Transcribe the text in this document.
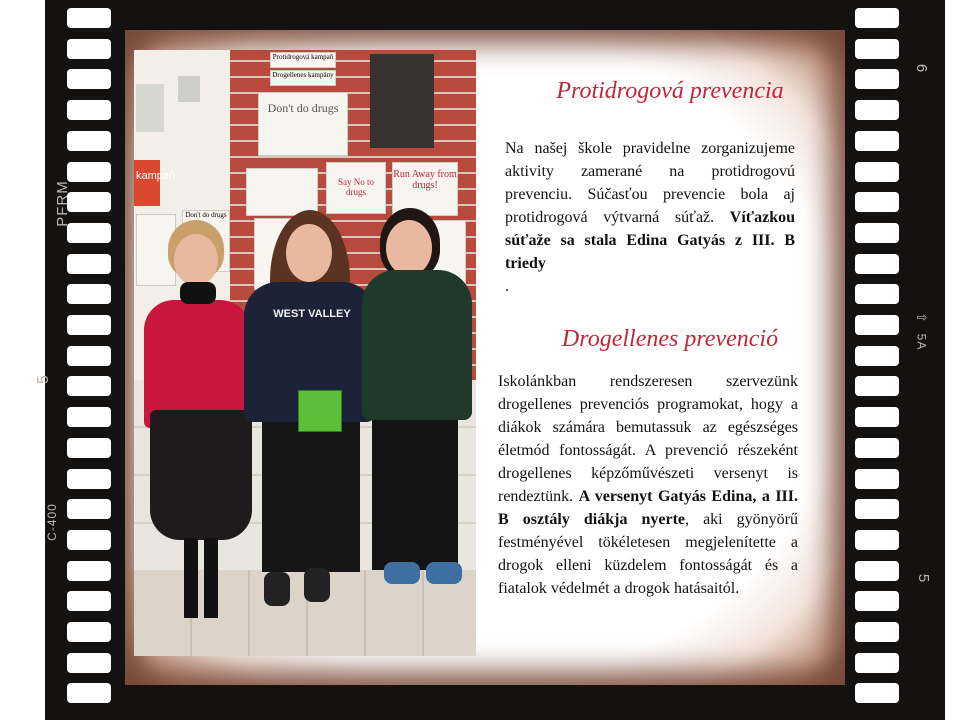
PFRM
5
C-400
6
5A
⇧
5
kampaň
Protidrogová kampaň
Drogellenes kampány
Don't do drugs
Run Away from drugs!
Say No to drugs
Don't do drugs
WEST VALLEY
Protidrogová prevencia
Na našej škole pravidelne zorganizujeme aktivity zamerané na protidrogovú prevenciu. Súčasťou prevencie bola aj protidrogová výtvarná súťaž. Víťazkou súťaže sa stala Edina Gatyás z III. B triedy
.
Drogellenes prevenció
Iskolánkban rendszeresen szervezünk drogellenes prevenciós programokat, hogy a diákok számára bemutassuk az egészséges életmód fontosságát. A prevenció részeként drogellenes képzőművészeti versenyt is rendeztünk. A versenyt Gatyás Edina, a III. B osztály diákja nyerte, aki gyönyörű festményével tökéletesen megjelenítette a drogok elleni küzdelem fontosságát és a fiatalok védelmét a drogok hatásaitól.
